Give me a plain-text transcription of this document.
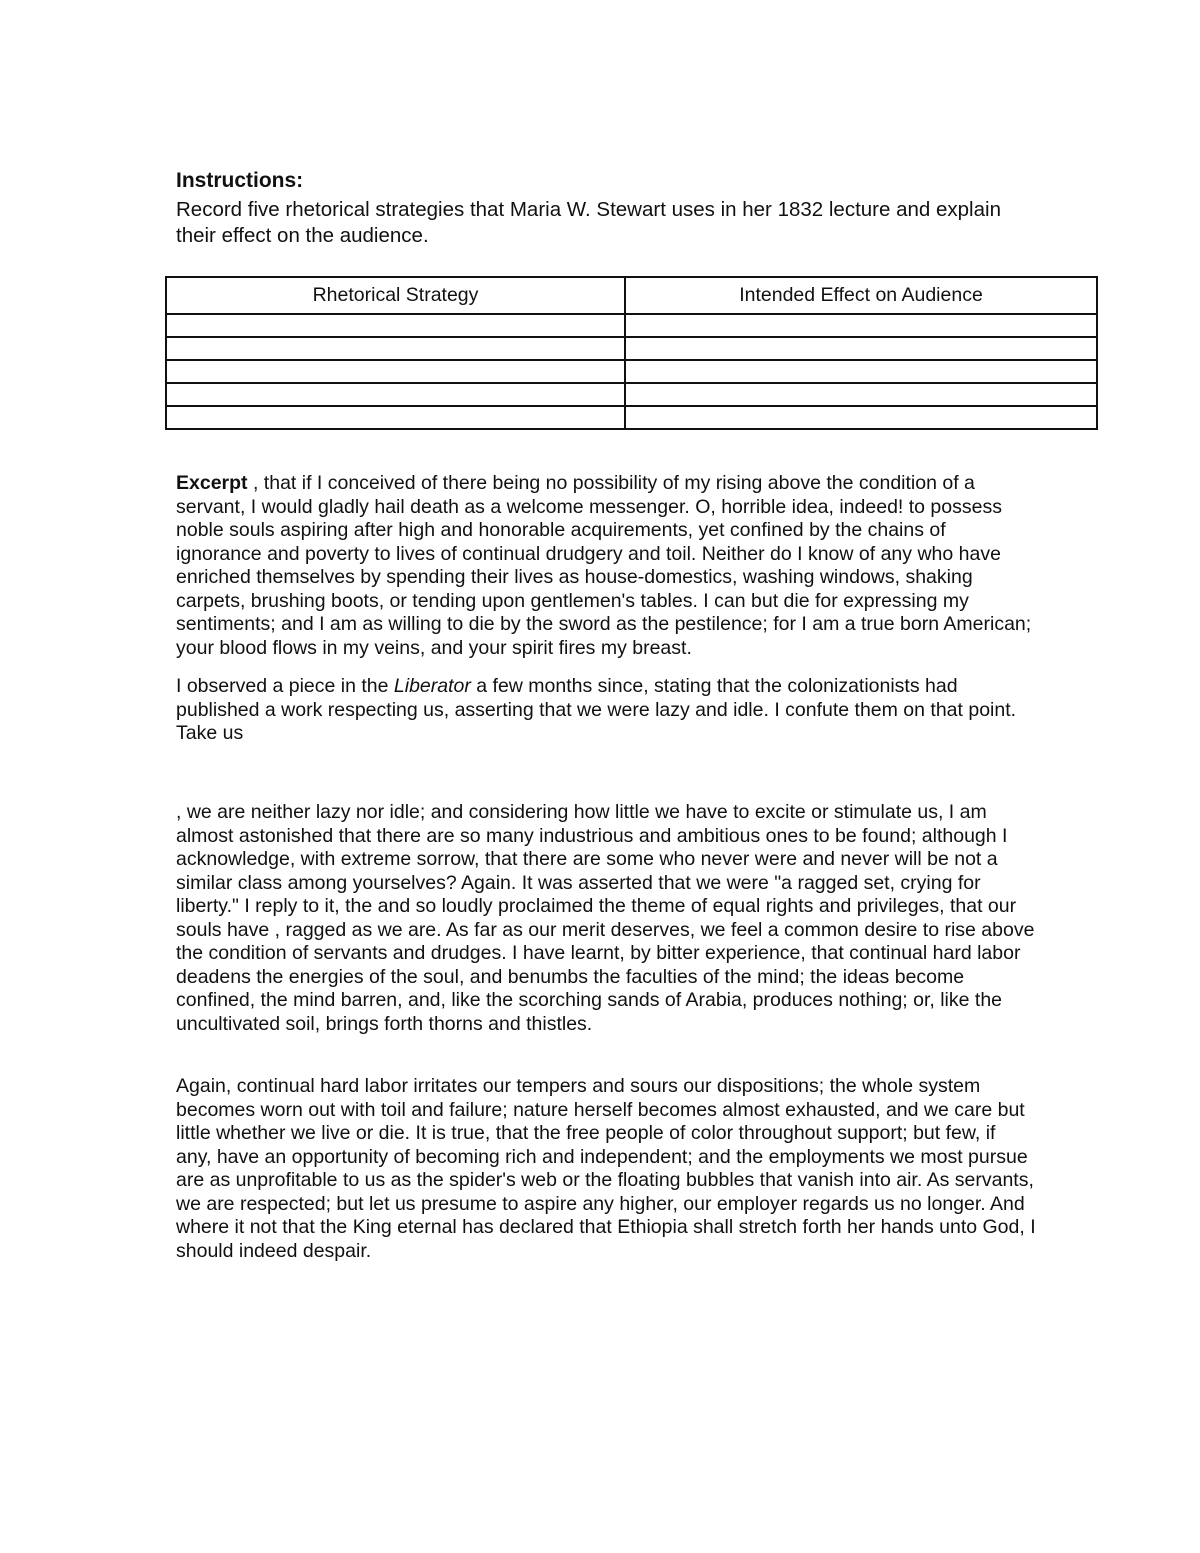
Instructions:
Record five rhetorical strategies that Maria W. Stewart uses in her 1832 lecture and explain their effect on the audience.
Rhetorical Strategy	Intended Effect on Audience

Excerpt , that if I conceived of there being no possibility of my rising above the condition of a servant, I would gladly hail death as a welcome messenger. O, horrible idea, indeed! to possess noble souls aspiring after high and honorable acquirements, yet confined by the chains of ignorance and poverty to lives of continual drudgery and toil. Neither do I know of any who have enriched themselves by spending their lives as house-domestics, washing windows, shaking carpets, brushing boots, or tending upon gentlemen's tables. I can but die for expressing my sentiments; and I am as willing to die by the sword as the pestilence; for I am a true born American; your blood flows in my veins, and your spirit fires my breast.

I observed a piece in the Liberator a few months since, stating that the colonizationists had published a work respecting us, asserting that we were lazy and idle. I confute them on that point. Take us

, we are neither lazy nor idle; and considering how little we have to excite or stimulate us, I am almost astonished that there are so many industrious and ambitious ones to be found; although I acknowledge, with extreme sorrow, that there are some who never were and never will be not a similar class among yourselves? Again. It was asserted that we were "a ragged set, crying for liberty." I reply to it, the and so loudly proclaimed the theme of equal rights and privileges, that our souls have , ragged as we are. As far as our merit deserves, we feel a common desire to rise above the condition of servants and drudges. I have learnt, by bitter experience, that continual hard labor deadens the energies of the soul, and benumbs the faculties of the mind; the ideas become confined, the mind barren, and, like the scorching sands of Arabia, produces nothing; or, like the uncultivated soil, brings forth thorns and thistles.

Again, continual hard labor irritates our tempers and sours our dispositions; the whole system becomes worn out with toil and failure; nature herself becomes almost exhausted, and we care but little whether we live or die. It is true, that the free people of color throughout support; but few, if any, have an opportunity of becoming rich and independent; and the employments we most pursue are as unprofitable to us as the spider's web or the floating bubbles that vanish into air. As servants, we are respected; but let us presume to aspire any higher, our employer regards us no longer. And where it not that the King eternal has declared that Ethiopia shall stretch forth her hands unto God, I should indeed despair.
